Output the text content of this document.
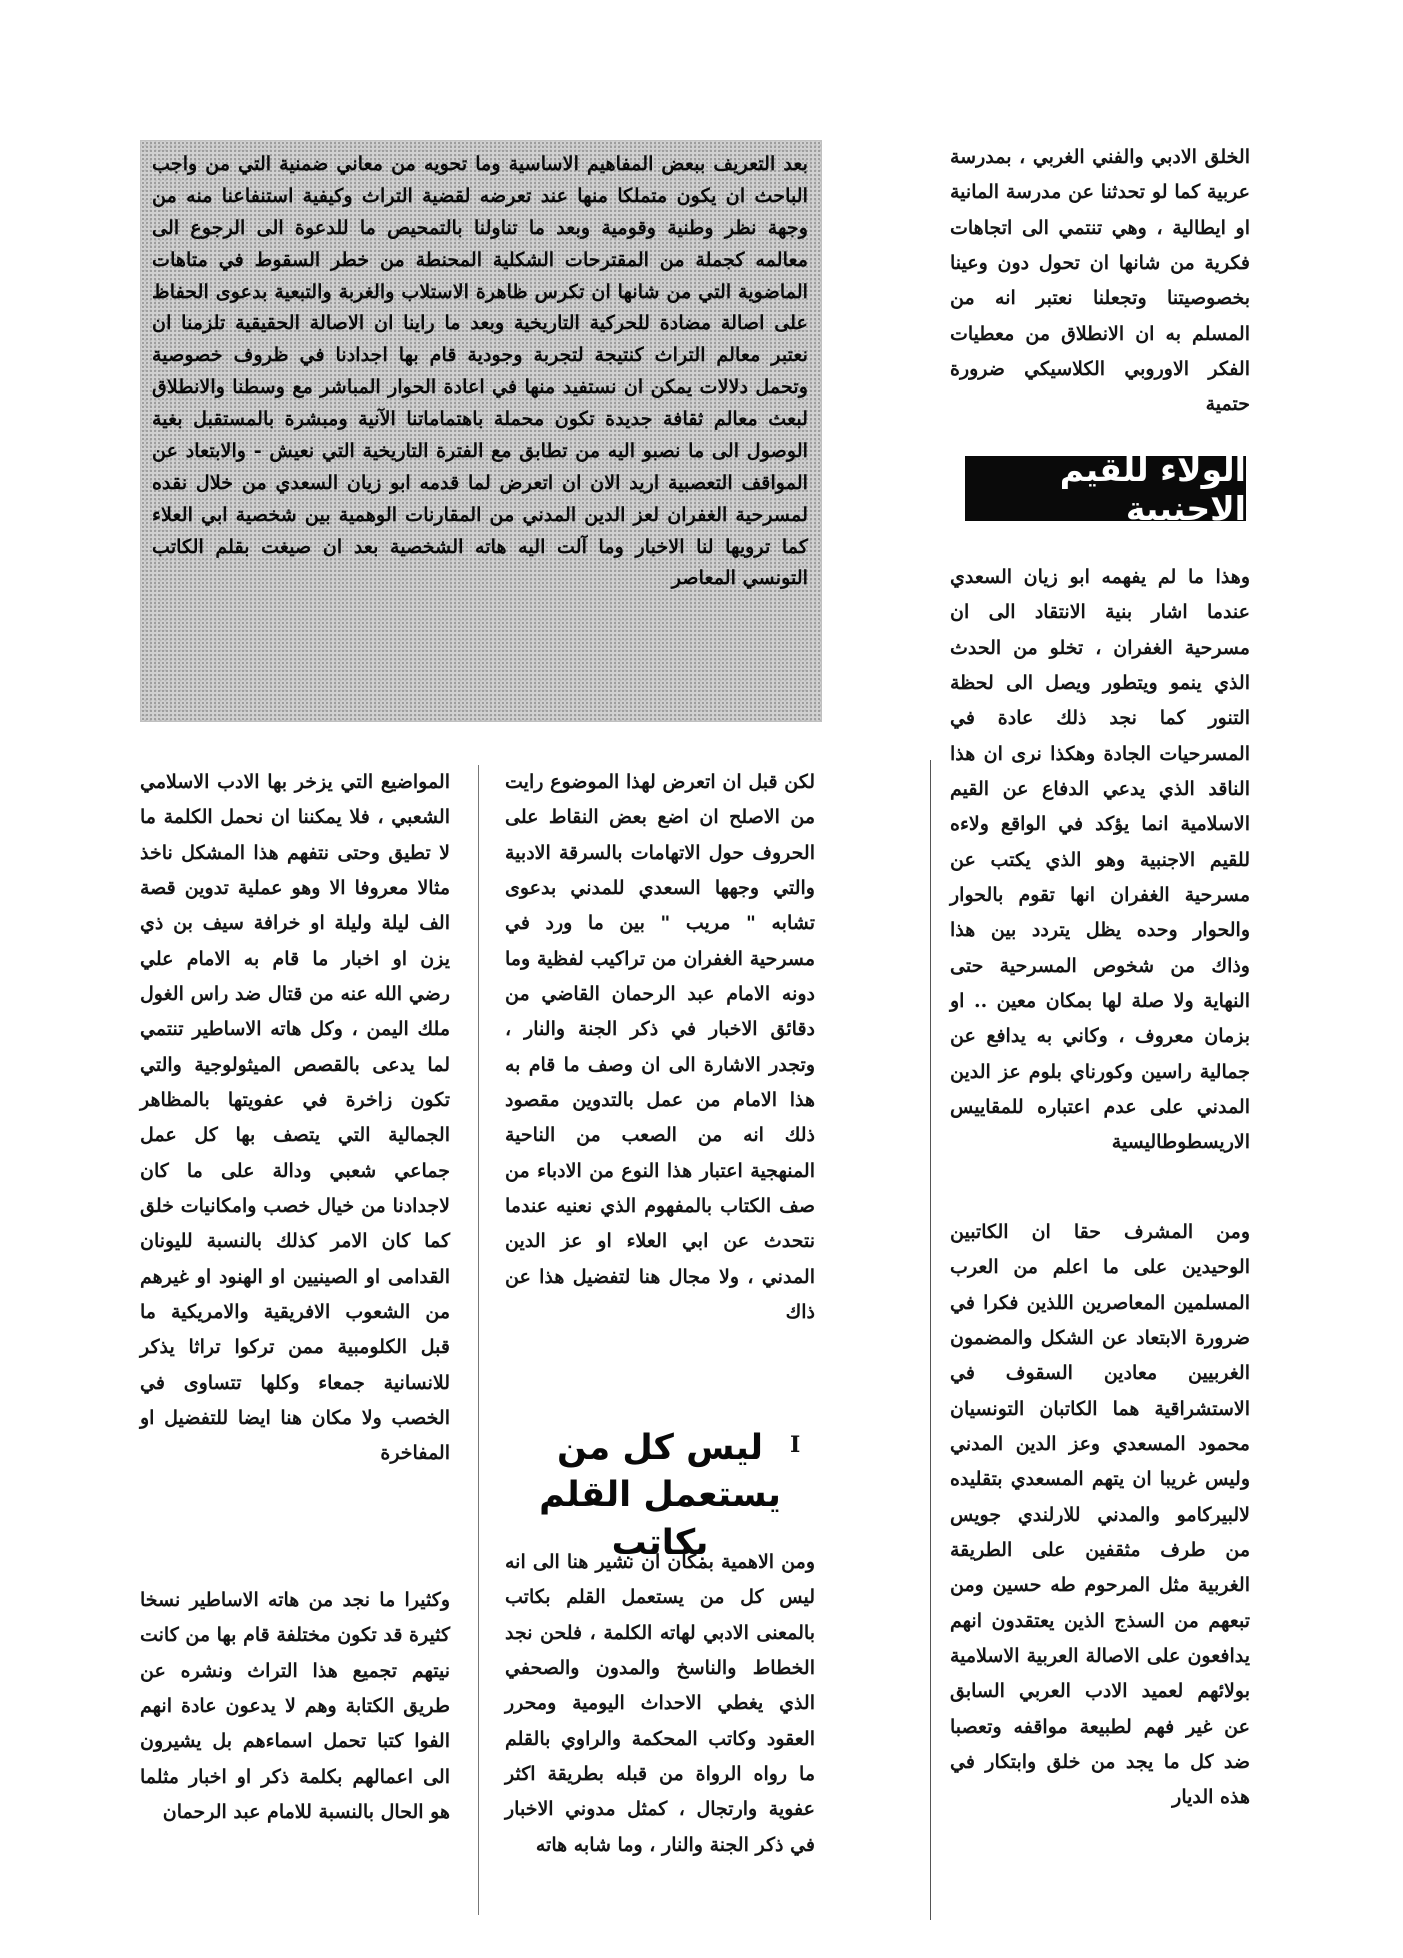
بعد التعريف ببعض المفاهيم الاساسية وما تحويه من معاني ضمنية التي من واجب الباحث ان يكون متملكا منها عند تعرضه لقضية التراث وكيفية استنفاعنا منه من وجهة نظر وطنية وقومية وبعد ما تناولنا بالتمحيص ما للدعوة الى الرجوع الى معالمه كجملة من المقترحات الشكلية المحنطة من خطر السقوط في متاهات الماضوية التي من شانها ان تكرس ظاهرة الاستلاب والغربة والتبعية بدعوى الحفاظ على اصالة مضادة للحركية التاريخية وبعد ما راينا ان الاصالة الحقيقية تلزمنا ان نعتبر معالم التراث كنتيجة لتجربة وجودية قام بها اجدادنا في ظروف خصوصية وتحمل دلالات يمكن ان نستفيد منها في اعادة الحوار المباشر مع وسطنا والانطلاق لبعث معالم ثقافة جديدة تكون محملة باهتماماتنا الآنية ومبشرة بالمستقبل بغية الوصول الى ما نصبو اليه من تطابق مع الفترة التاريخية التي نعيش - والابتعاد عن المواقف التعصبية اريد الان ان اتعرض لما قدمه ابو زيان السعدي من خلال نقده لمسرحية الغفران لعز الدين المدني من المقارنات الوهمية بين شخصية ابي العلاء كما ترويها لنا الاخبار وما آلت اليه هاته الشخصية بعد ان صيغت بقلم الكاتب التونسي المعاصر

الخلق الادبي والفني الغربي ، بمدرسة عربية كما لو تحدثنا عن مدرسة المانية او ايطالية ، وهي تنتمي الى اتجاهات فكرية من شانها ان تحول دون وعينا بخصوصيتنا وتجعلنا نعتبر انه من المسلم به ان الانطلاق من معطيات الفكر الاوروبي الكلاسيكي ضرورة حتمية

الولاء للقيم الاجنبية

وهذا ما لم يفهمه ابو زيان السعدي عندما اشار بنية الانتقاد الى ان مسرحية الغفران ، تخلو من الحدث الذي ينمو ويتطور ويصل الى لحظة التنور كما نجد ذلك عادة في المسرحيات الجادة وهكذا نرى ان هذا الناقد الذي يدعي الدفاع عن القيم الاسلامية انما يؤكد في الواقع ولاءه للقيم الاجنبية وهو الذي يكتب عن مسرحية الغفران انها تقوم بالحوار والحوار وحده يظل يتردد بين هذا وذاك من شخوص المسرحية حتى النهاية ولا صلة لها بمكان معين .. او بزمان معروف ، وكاني به يدافع عن جمالية راسين وكورناي بلوم عز الدين المدني على عدم اعتباره للمقاييس الاريسطوطاليسية

ومن المشرف حقا ان الكاتبين الوحيدين على ما اعلم من العرب المسلمين المعاصرين اللذين فكرا في ضرورة الابتعاد عن الشكل والمضمون الغربيين معادين السقوف في الاستشراقية هما الكاتبان التونسيان محمود المسعدي وعز الدين المدني وليس غريبا ان يتهم المسعدي بتقليده لالبيركامو والمدني للارلندي جويس من طرف مثقفين على الطريقة الغربية مثل المرحوم طه حسين ومن تبعهم من السذج الذين يعتقدون انهم يدافعون على الاصالة العربية الاسلامية بولائهم لعميد الادب العربي السابق عن غير فهم لطبيعة مواقفه وتعصبا ضد كل ما يجد من خلق وابتكار في هذه الديار

لكن قبل ان اتعرض لهذا الموضوع رايت من الاصلح ان اضع بعض النقاط على الحروف حول الاتهامات بالسرقة الادبية والتي وجهها السعدي للمدني بدعوى تشابه " مريب " بين ما ورد في مسرحية الغفران من تراكيب لفظية وما دونه الامام عبد الرحمان القاضي من دقائق الاخبار في ذكر الجنة والنار ، وتجدر الاشارة الى ان وصف ما قام به هذا الامام من عمل بالتدوين مقصود ذلك انه من الصعب من الناحية المنهجية اعتبار هذا النوع من الادباء من صف الكتاب بالمفهوم الذي نعنيه عندما نتحدث عن ابي العلاء او عز الدين المدني ، ولا مجال هنا لتفضيل هذا عن ذاك

I
ليس كل من يستعمل القلم بكاتب

ومن الاهمية بمكان ان نشير هنا الى انه ليس كل من يستعمل القلم بكاتب بالمعنى الادبي لهاته الكلمة ، فلحن نجد الخطاط والناسخ والمدون والصحفي الذي يغطي الاحداث اليومية ومحرر العقود وكاتب المحكمة والراوي بالقلم ما رواه الرواة من قبله بطريقة اكثر عفوية وارتجال ، كمثل مدوني الاخبار في ذكر الجنة والنار ، وما شابه هاته

المواضيع التي يزخر بها الادب الاسلامي الشعبي ، فلا يمكننا ان نحمل الكلمة ما لا تطيق وحتى نتفهم هذا المشكل ناخذ مثالا معروفا الا وهو عملية تدوين قصة الف ليلة وليلة او خرافة سيف بن ذي يزن او اخبار ما قام به الامام علي رضي الله عنه من قتال ضد راس الغول ملك اليمن ، وكل هاته الاساطير تنتمي لما يدعى بالقصص الميثولوجية والتي تكون زاخرة في عفويتها بالمظاهر الجمالية التي يتصف بها كل عمل جماعي شعبي ودالة على ما كان لاجدادنا من خيال خصب وامكانيات خلق كما كان الامر كذلك بالنسبة لليونان القدامى او الصينيين او الهنود او غيرهم من الشعوب الافريقية والامريكية ما قبل الكلومبية ممن تركوا تراثا يذكر للانسانية جمعاء وكلها تتساوى في الخصب ولا مكان هنا ايضا للتفضيل او المفاخرة

وكثيرا ما نجد من هاته الاساطير نسخا كثيرة قد تكون مختلفة قام بها من كانت نيتهم تجميع هذا التراث ونشره عن طريق الكتابة وهم لا يدعون عادة انهم الفوا كتبا تحمل اسماءهم بل يشيرون الى اعمالهم بكلمة ذكر او اخبار مثلما هو الحال بالنسبة للامام عبد الرحمان
